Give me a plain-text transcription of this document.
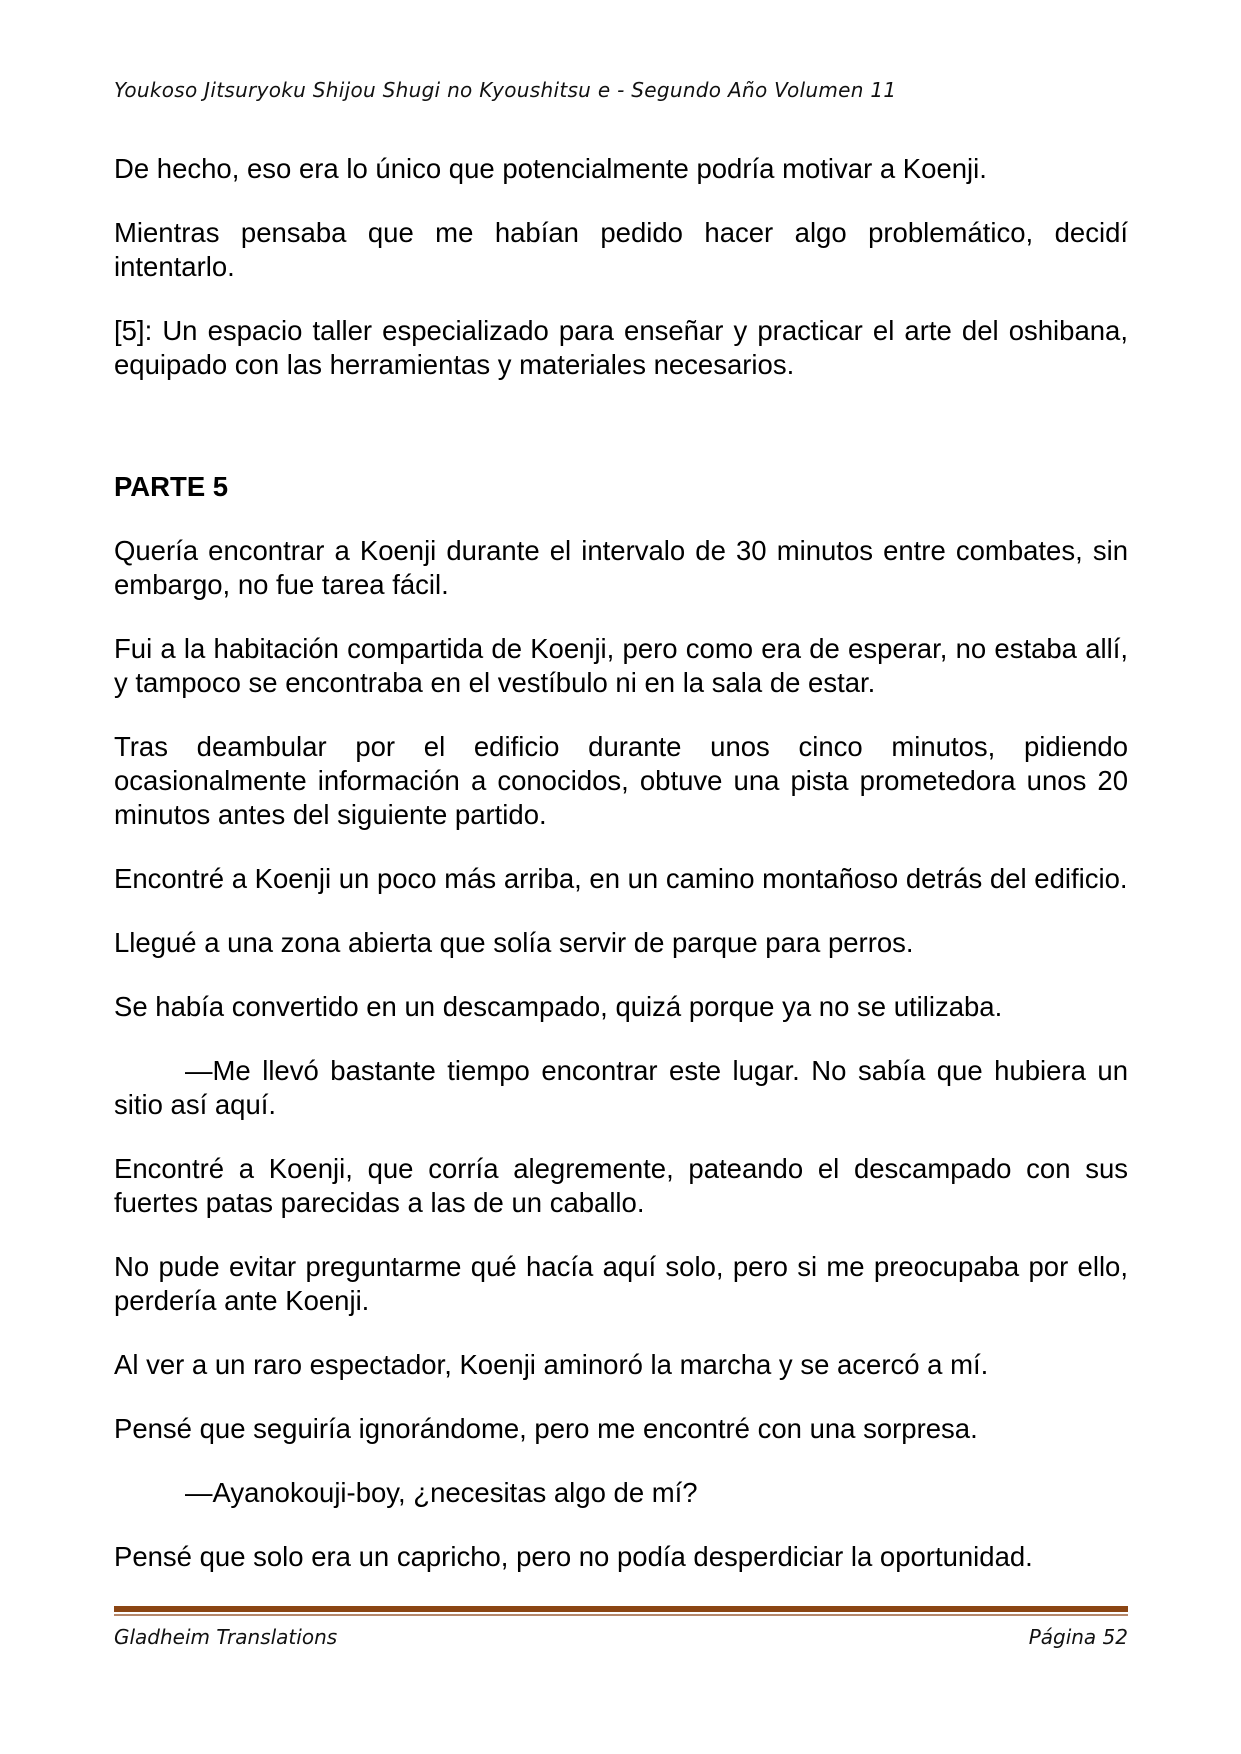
Youkoso Jitsuryoku Shijou Shugi no Kyoushitsu e - Segundo Año Volumen 11

De hecho, eso era lo único que potencialmente podría motivar a Koenji.

Mientras pensaba que me habían pedido hacer algo problemático, decidí intentarlo.

[5]: Un espacio taller especializado para enseñar y practicar el arte del oshibana, equipado con las herramientas y materiales necesarios.

PARTE 5

Quería encontrar a Koenji durante el intervalo de 30 minutos entre combates, sin embargo, no fue tarea fácil.

Fui a la habitación compartida de Koenji, pero como era de esperar, no estaba allí, y tampoco se encontraba en el vestíbulo ni en la sala de estar.

Tras deambular por el edificio durante unos cinco minutos, pidiendo ocasionalmente información a conocidos, obtuve una pista prometedora unos 20 minutos antes del siguiente partido.

Encontré a Koenji un poco más arriba, en un camino montañoso detrás del edificio.

Llegué a una zona abierta que solía servir de parque para perros.

Se había convertido en un descampado, quizá porque ya no se utilizaba.

—Me llevó bastante tiempo encontrar este lugar. No sabía que hubiera un sitio así aquí.

Encontré a Koenji, que corría alegremente, pateando el descampado con sus fuertes patas parecidas a las de un caballo.

No pude evitar preguntarme qué hacía aquí solo, pero si me preocupaba por ello, perdería ante Koenji.

Al ver a un raro espectador, Koenji aminoró la marcha y se acercó a mí.

Pensé que seguiría ignorándome, pero me encontré con una sorpresa.

—Ayanokouji-boy, ¿necesitas algo de mí?

Pensé que solo era un capricho, pero no podía desperdiciar la oportunidad.

Gladheim Translations	Página 52
